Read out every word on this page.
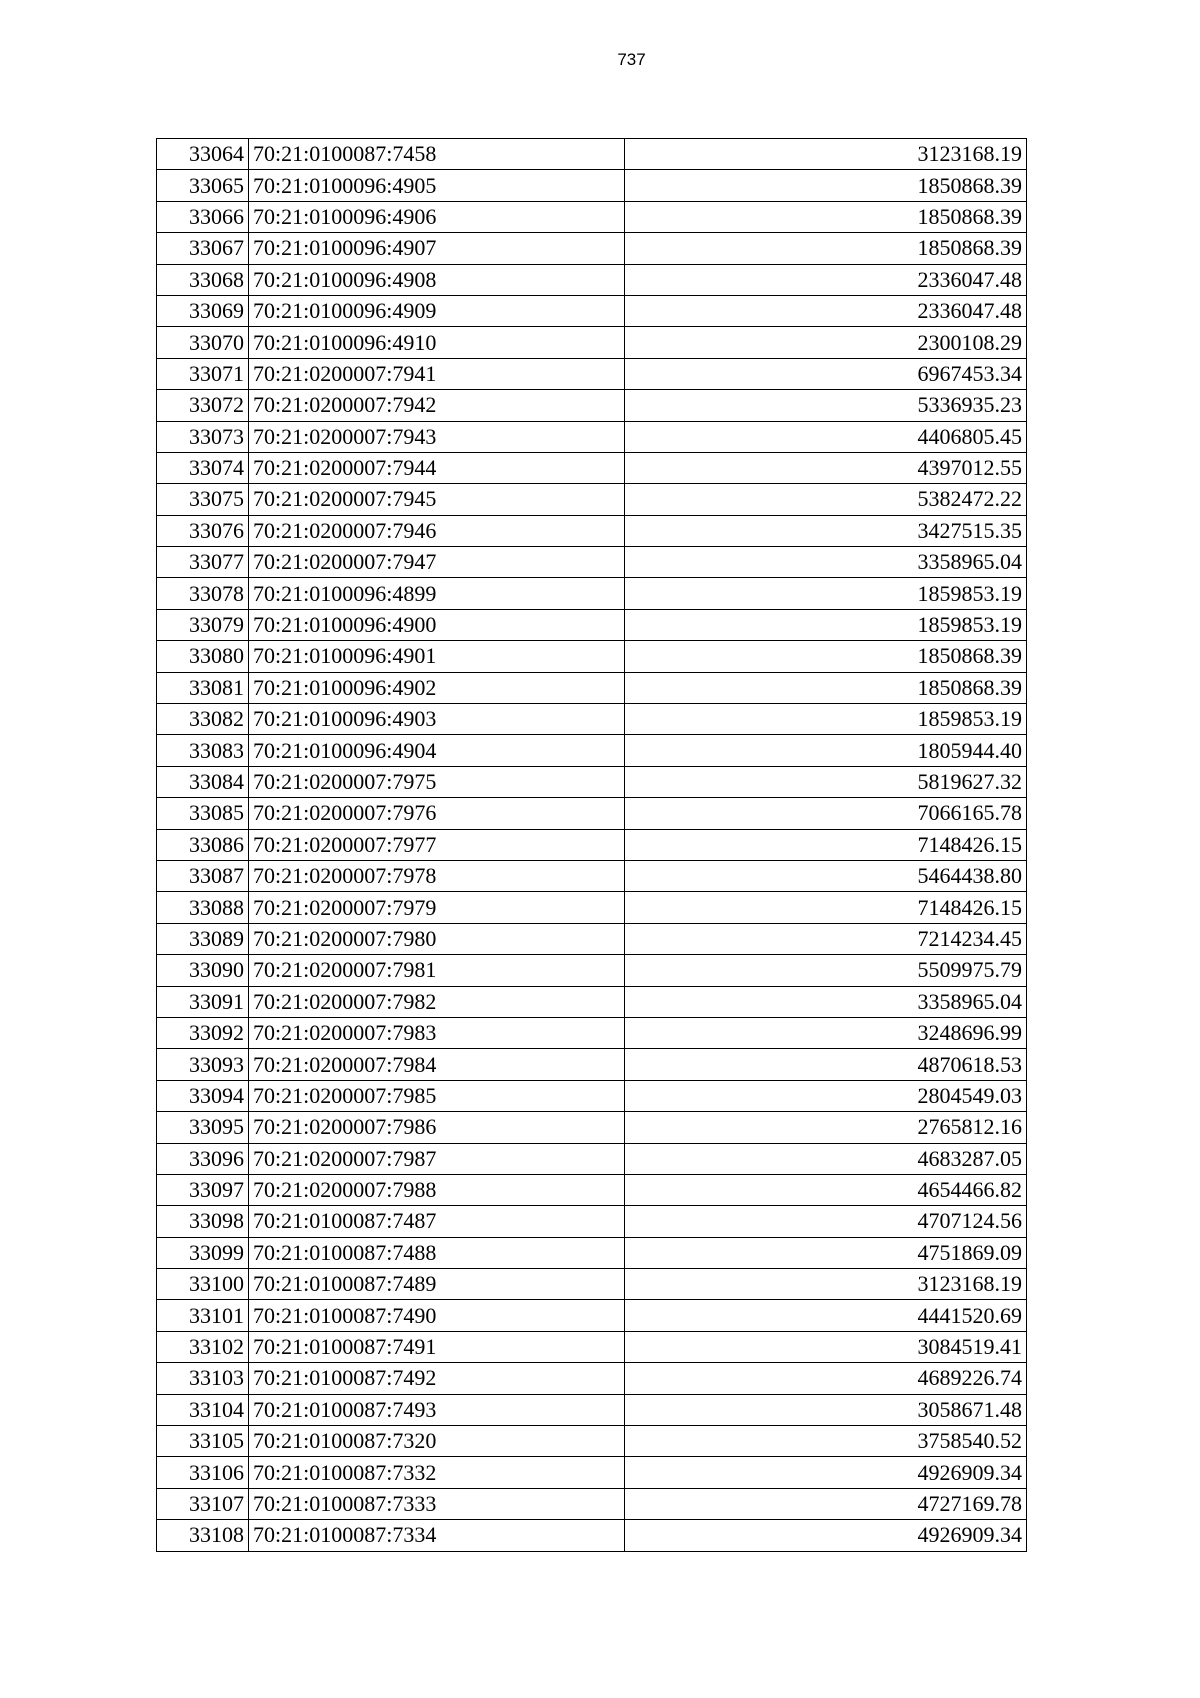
737
33064	70:21:0100087:7458	3123168.19
33065	70:21:0100096:4905	1850868.39
33066	70:21:0100096:4906	1850868.39
33067	70:21:0100096:4907	1850868.39
33068	70:21:0100096:4908	2336047.48
33069	70:21:0100096:4909	2336047.48
33070	70:21:0100096:4910	2300108.29
33071	70:21:0200007:7941	6967453.34
33072	70:21:0200007:7942	5336935.23
33073	70:21:0200007:7943	4406805.45
33074	70:21:0200007:7944	4397012.55
33075	70:21:0200007:7945	5382472.22
33076	70:21:0200007:7946	3427515.35
33077	70:21:0200007:7947	3358965.04
33078	70:21:0100096:4899	1859853.19
33079	70:21:0100096:4900	1859853.19
33080	70:21:0100096:4901	1850868.39
33081	70:21:0100096:4902	1850868.39
33082	70:21:0100096:4903	1859853.19
33083	70:21:0100096:4904	1805944.40
33084	70:21:0200007:7975	5819627.32
33085	70:21:0200007:7976	7066165.78
33086	70:21:0200007:7977	7148426.15
33087	70:21:0200007:7978	5464438.80
33088	70:21:0200007:7979	7148426.15
33089	70:21:0200007:7980	7214234.45
33090	70:21:0200007:7981	5509975.79
33091	70:21:0200007:7982	3358965.04
33092	70:21:0200007:7983	3248696.99
33093	70:21:0200007:7984	4870618.53
33094	70:21:0200007:7985	2804549.03
33095	70:21:0200007:7986	2765812.16
33096	70:21:0200007:7987	4683287.05
33097	70:21:0200007:7988	4654466.82
33098	70:21:0100087:7487	4707124.56
33099	70:21:0100087:7488	4751869.09
33100	70:21:0100087:7489	3123168.19
33101	70:21:0100087:7490	4441520.69
33102	70:21:0100087:7491	3084519.41
33103	70:21:0100087:7492	4689226.74
33104	70:21:0100087:7493	3058671.48
33105	70:21:0100087:7320	3758540.52
33106	70:21:0100087:7332	4926909.34
33107	70:21:0100087:7333	4727169.78
33108	70:21:0100087:7334	4926909.34
